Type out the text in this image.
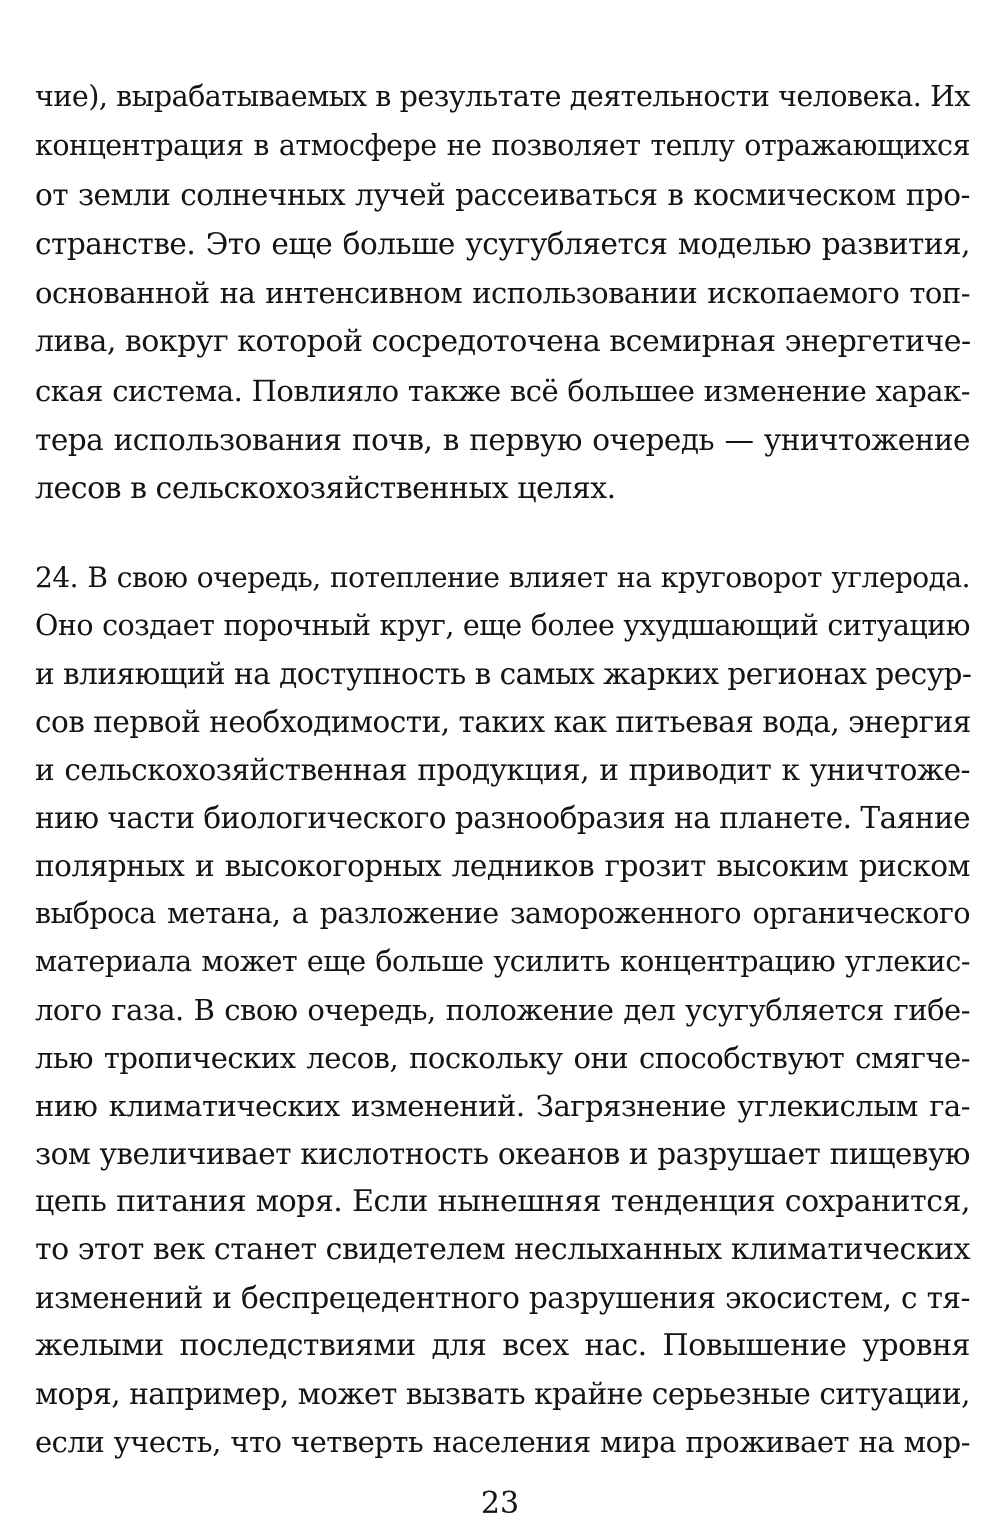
чие), вырабатываемых в результате деятельности человека. Их
концентрация в атмосфере не позволяет теплу отражающихся
от земли солнечных лучей рассеиваться в космическом про-
странстве. Это еще больше усугубляется моделью развития,
основанной на интенсивном использовании ископаемого топ-
лива, вокруг которой сосредоточена всемирная энергетиче-
ская система. Повлияло также всё большее изменение харак-
тера использования почв, в первую очередь — уничтожение
лесов в сельскохозяйственных целях.
24. В свою очередь, потепление влияет на круговорот углерода.
Оно создает порочный круг, еще более ухудшающий ситуацию
и влияющий на доступность в самых жарких регионах ресур-
сов первой необходимости, таких как питьевая вода, энергия
и сельскохозяйственная продукция, и приводит к уничтоже-
нию части биологического разнообразия на планете. Таяние
полярных и высокогорных ледников грозит высоким риском
выброса метана, а разложение замороженного органического
материала может еще больше усилить концентрацию углекис-
лого газа. В свою очередь, положение дел усугубляется гибе-
лью тропических лесов, поскольку они способствуют смягче-
нию климатических изменений. Загрязнение углекислым га-
зом увеличивает кислотность океанов и разрушает пищевую
цепь питания моря. Если нынешняя тенденция сохранится,
то этот век станет свидетелем неслыханных климатических
изменений и беспрецедентного разрушения экосистем, с тя-
желыми последствиями для всех нас. Повышение уровня
моря, например, может вызвать крайне серьезные ситуации,
если учесть, что четверть населения мира проживает на мор-
23
